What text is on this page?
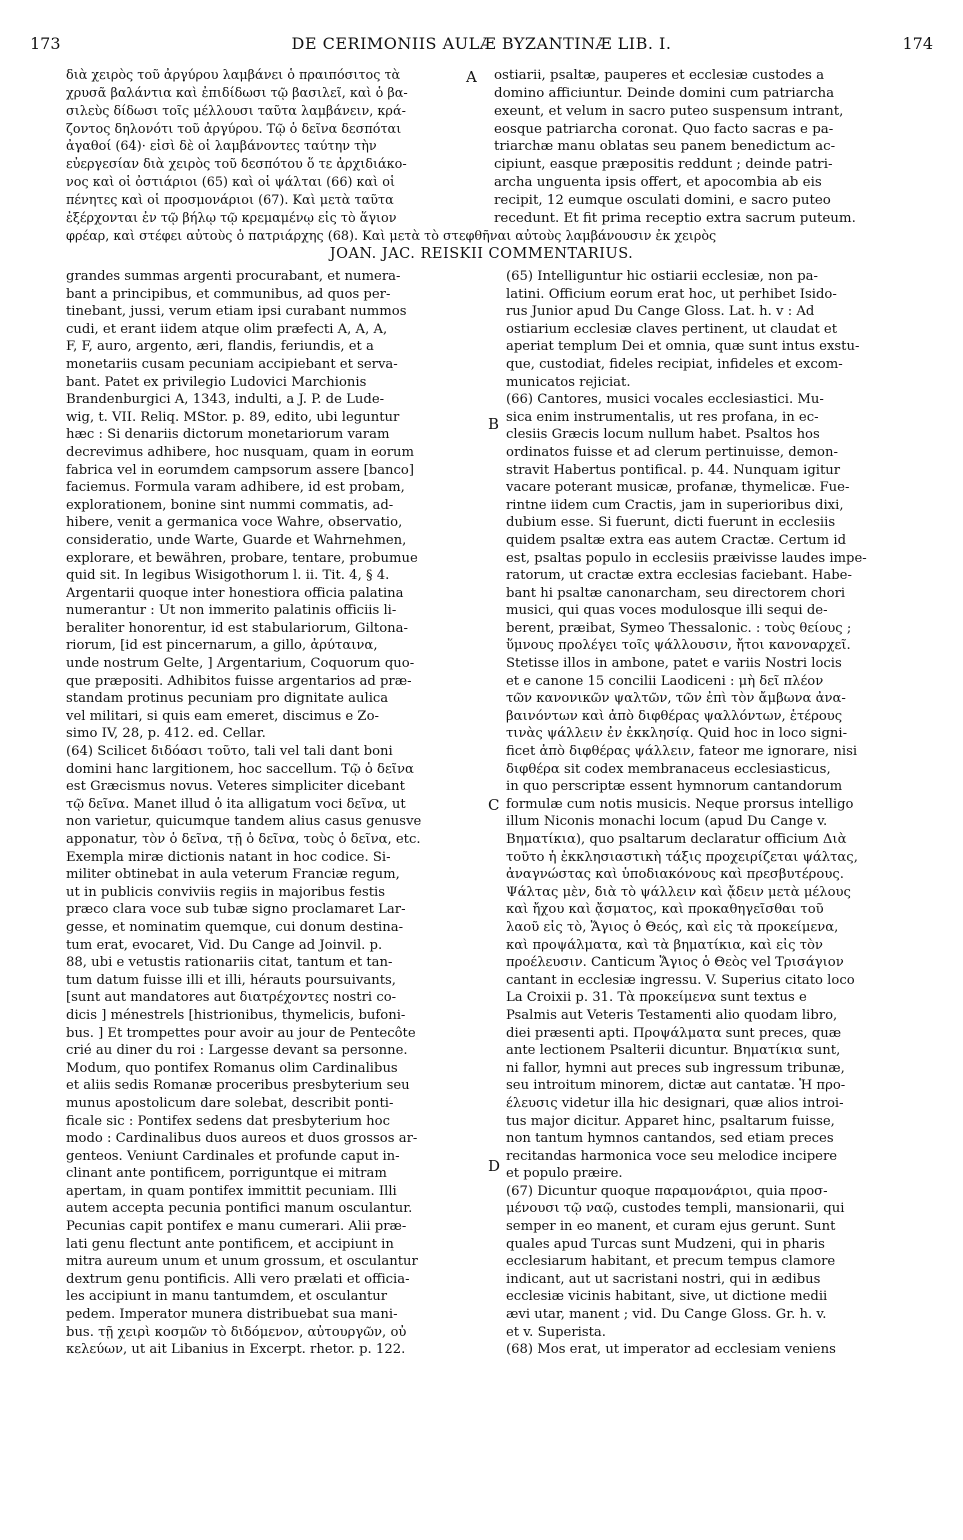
173	DE CERIMONIIS AULÆ BYZANTINÆ LIB. I.	174
διὰ χειρὸς τοῦ ἀργύρου λαμβάνει ὁ πραιπόσιτος τὰ
χρυσᾶ βαλάντια καὶ ἐπιδίδωσι τῷ βασιλεῖ, καὶ ὁ βα-
σιλεὺς δίδωσι τοῖς μέλλουσι ταῦτα λαμβάνειν, κρά-
ζοντος δηλονότι τοῦ ἀργύρου. Τῷ ὁ δεῖνα δεσπόται
ἀγαθοί (64)· εἰσὶ δὲ οἱ λαμβάνοντες ταύτην τὴν
εὐεργεσίαν διὰ χειρὸς τοῦ δεσπότου ὅ τε ἀρχιδιάκο-
νος καὶ οἱ ὀστιάριοι (65) καὶ οἱ ψάλται (66) καὶ οἱ
πένητες καὶ οἱ προσμονάριοι (67). Καὶ μετὰ ταῦτα
ἐξέρχονται ἐν τῷ βήλῳ τῷ κρεμαμένῳ εἰς τὸ ἅγιον
ostiarii, psaltæ, pauperes et ecclesiæ custodes a
domino afficiuntur. Deinde domini cum patriarcha
exeunt, et velum in sacro puteo suspensum intrant,
eosque patriarcha coronat. Quo facto sacras e pa-
triarchæ manu oblatas seu panem benedictum ac-
cipiunt, easque præpositis reddunt ; deinde patri-
archa unguenta ipsis offert, et apocombia ab eis
recipit, 12 eumque osculati domini, e sacro puteo
recedunt. Et fit prima receptio extra sacrum puteum.
φρέαρ, καὶ στέφει αὐτοὺς ὁ πατριάρχης (68). Καὶ μετὰ τὸ στεφθῆναι αὐτοὺς λαμβάνουσιν ἐκ χειρὸς
JOAN. JAC. REISKII COMMENTARIUS.
grandes summas argenti procurabant, et numera-
bant a principibus, et communibus, ad quos per-
tinebant, jussi, verum etiam ipsi curabant nummos
cudi, et erant iidem atque olim præfecti A, A, A,
F, F, auro, argento, æri, flandis, feriundis, et a
monetariis cusam pecuniam accipiebant et serva-
bant. Patet ex privilegio Ludovici Marchionis
Brandenburgici A, 1343, indulti, a J. P. de Lude-
wig, t. VII. Reliq. MStor. p. 89, edito, ubi leguntur
hæc : Si denariis dictorum monetariorum varam
decrevimus adhibere, hoc nusquam, quam in eorum
fabrica vel in eorumdem campsorum assere [banco]
faciemus. Formula varam adhibere, id est probam,
explorationem, bonine sint nummi commatis, ad-
hibere, venit a germanica voce Wahre, observatio,
consideratio, unde Warte, Guarde et Wahrnehmen,
explorare, et bewähren, probare, tentare, probumue
quid sit. In legibus Wisigothorum l. ii. Tit. 4, § 4.
Argentarii quoque inter honestiora officia palatina
numerantur : Ut non immerito palatinis officiis li-
beraliter honorentur, id est stabulariorum, Giltona-
riorum, [id est pincernarum, a gillo, ἀρύταινα,
unde nostrum Gelte, ] Argentarium, Coquorum quo-
que præpositi. Adhibitos fuisse argentarios ad præ-
standam protinus pecuniam pro dignitate aulica
vel militari, si quis eam emeret, discimus e Zo-
simo IV, 28, p. 412. ed. Cellar.
(64) Scilicet διδόασι τοῦτο, tali vel tali dant boni
domini hanc largitionem, hoc saccellum. Τῷ ὁ δεῖνα
est Græcismus novus. Veteres simpliciter dicebant
τῷ δεῖνα. Manet illud ὁ ita alligatum voci δεῖνα, ut
non varietur, quicumque tandem alius casus genusve
apponatur, τὸν ὁ δεῖνα, τῇ ὁ δεῖνα, τοὺς ὁ δεῖνα, etc.
Exempla miræ dictionis natant in hoc codice. Si-
militer obtinebat in aula veterum Franciæ regum,
ut in publicis conviviis regiis in majoribus festis
præco clara voce sub tubæ signo proclamaret Lar-
gesse, et nominatim quemque, cui donum destina-
tum erat, evocaret, Vid. Du Cange ad Joinvil. p.
88, ubi e vetustis rationariis citat, tantum et tan-
tum datum fuisse illi et illi, hérauts poursuivants,
[sunt aut mandatores aut διατρέχοντες nostri co-
dicis ] ménestrels [histrionibus, thymelicis, bufoni-
bus. ] Et trompettes pour avoir au jour de Pentecôte
crié au diner du roi : Largesse devant sa personne.
Modum, quo pontifex Romanus olim Cardinalibus
et aliis sedis Romanæ proceribus presbyterium seu
munus apostolicum dare solebat, describit ponti-
ficale sic : Pontifex sedens dat presbyterium hoc
modo : Cardinalibus duos aureos et duos grossos ar-
genteos. Veniunt Cardinales et profunde caput in-
clinant ante pontificem, porriguntque ei mitram
apertam, in quam pontifex immittit pecuniam. Illi
autem accepta pecunia pontifici manum osculantur.
Pecunias capit pontifex e manu cumerari. Alii præ-
lati genu flectunt ante pontificem, et accipiunt in
mitra aureum unum et unum grossum, et osculantur
dextrum genu pontificis. Alli vero prælati et officia-
les accipiunt in manu tantumdem, et osculantur
pedem. Imperator munera distribuebat sua mani-
bus. τῇ χειρὶ κοσμῶν τὸ διδόμενον, αὐτουργῶν, οὐ
κελεύων, ut ait Libanius in Excerpt. rhetor. p. 122.
(65) Intelliguntur hic ostiarii ecclesiæ, non pa-
latini. Officium eorum erat hoc, ut perhibet Isido-
rus Junior apud Du Cange Gloss. Lat. h. v : Ad
ostiarium ecclesiæ claves pertinent, ut claudat et
aperiat templum Dei et omnia, quæ sunt intus exstu-
que, custodiat, fideles recipiat, infideles et excom-
municatos rejiciat.
(66) Cantores, musici vocales ecclesiastici. Mu-
sica enim instrumentalis, ut res profana, in ec-
clesiis Græcis locum nullum habet. Psaltos hos
ordinatos fuisse et ad clerum pertinuisse, demon-
stravit Habertus pontifical. p. 44. Nunquam igitur
vacare poterant musicæ, profanæ, thymelicæ. Fue-
rintne iidem cum Cractis, jam in superioribus dixi,
dubium esse. Si fuerunt, dicti fuerunt in ecclesiis
quidem psaltæ extra eas autem Cractæ. Certum id
est, psaltas populo in ecclesiis præivisse laudes impe-
ratorum, ut cractæ extra ecclesias faciebant. Habe-
bant hi psaltæ canonarcham, seu directorem chori
musici, qui quas voces modulosque illi sequi de-
berent, præibat, Symeo Thessalonic. : τοὺς θείους ;
ὕμνους προλέγει τοῖς ψάλλουσιν, ἤτοι κανοναρχεῖ.
Stetisse illos in ambone, patet e variis Nostri locis
et e canone 15 concilii Laodiceni : μὴ δεῖ πλέον
τῶν κανονικῶν ψαλτῶν, τῶν ἐπὶ τὸν ἄμβωνα ἀνα-
βαινόντων καὶ ἀπὸ διφθέρας ψαλλόντων, ἑτέρους
τινὰς ψάλλειν ἐν ἐκκλησίᾳ. Quid hoc in loco signi-
ficet ἀπὸ διφθέρας ψάλλειν, fateor me ignorare, nisi
διφθέρα sit codex membranaceus ecclesiasticus,
in quo perscriptæ essent hymnorum cantandorum
formulæ cum notis musicis. Neque prorsus intelligo
illum Niconis monachi locum (apud Du Cange v.
Βηματίκια), quo psaltarum declaratur officium Διὰ
τοῦτο ἡ ἐκκλησιαστικὴ τάξις προχειρίζεται ψάλτας,
ἀναγνώστας καὶ ὑποδιακόνους καὶ πρεσβυτέρους.
Ψάλτας μὲν, διὰ τὸ ψάλλειν καὶ ᾄδειν μετὰ μέλους
καὶ ἤχου καὶ ᾄσματος, καὶ προκαθηγεῖσθαι τοῦ
λαοῦ εἰς τὸ, Ἅγιος ὁ Θεός, καὶ εἰς τὰ προκείμενα,
καὶ προψάλματα, καὶ τὰ βηματίκια, καὶ εἰς τὸν
προέλευσιν. Canticum Ἅγιος ὁ Θεὸς vel Τρισάγιον
cantant in ecclesiæ ingressu. V. Superius citato loco
La Croixii p. 31. Τὰ προκείμενα sunt textus e
Psalmis aut Veteris Testamenti alio quodam libro,
diei præsenti apti. Προψάλματα sunt preces, quæ
ante lectionem Psalterii dicuntur. Βηματίκια sunt,
ni fallor, hymni aut preces sub ingressum tribunæ,
seu introitum minorem, dictæ aut cantatæ. Ἡ προ-
έλευσις videtur illa hic designari, quæ alios introi-
tus major dicitur. Apparet hinc, psaltarum fuisse,
non tantum hymnos cantandos, sed etiam preces
recitandas harmonica voce seu melodice incipere
et populo præire.
(67) Dicuntur quoque παραμονάριοι, quia προσ-
μένουσι τῷ ναῷ, custodes templi, mansionarii, qui
semper in eo manent, et curam ejus gerunt. Sunt
quales apud Turcas sunt Mudzeni, qui in pharis
ecclesiarum habitant, et precum tempus clamore
indicant, aut ut sacristani nostri, qui in ædibus
ecclesiæ vicinis habitant, sive, ut dictione medii
ævi utar, manent ; vid. Du Cange Gloss. Gr. h. v.
et v. Superista.
(68) Mos erat, ut imperator ad ecclesiam veniens
A
B
C
D
